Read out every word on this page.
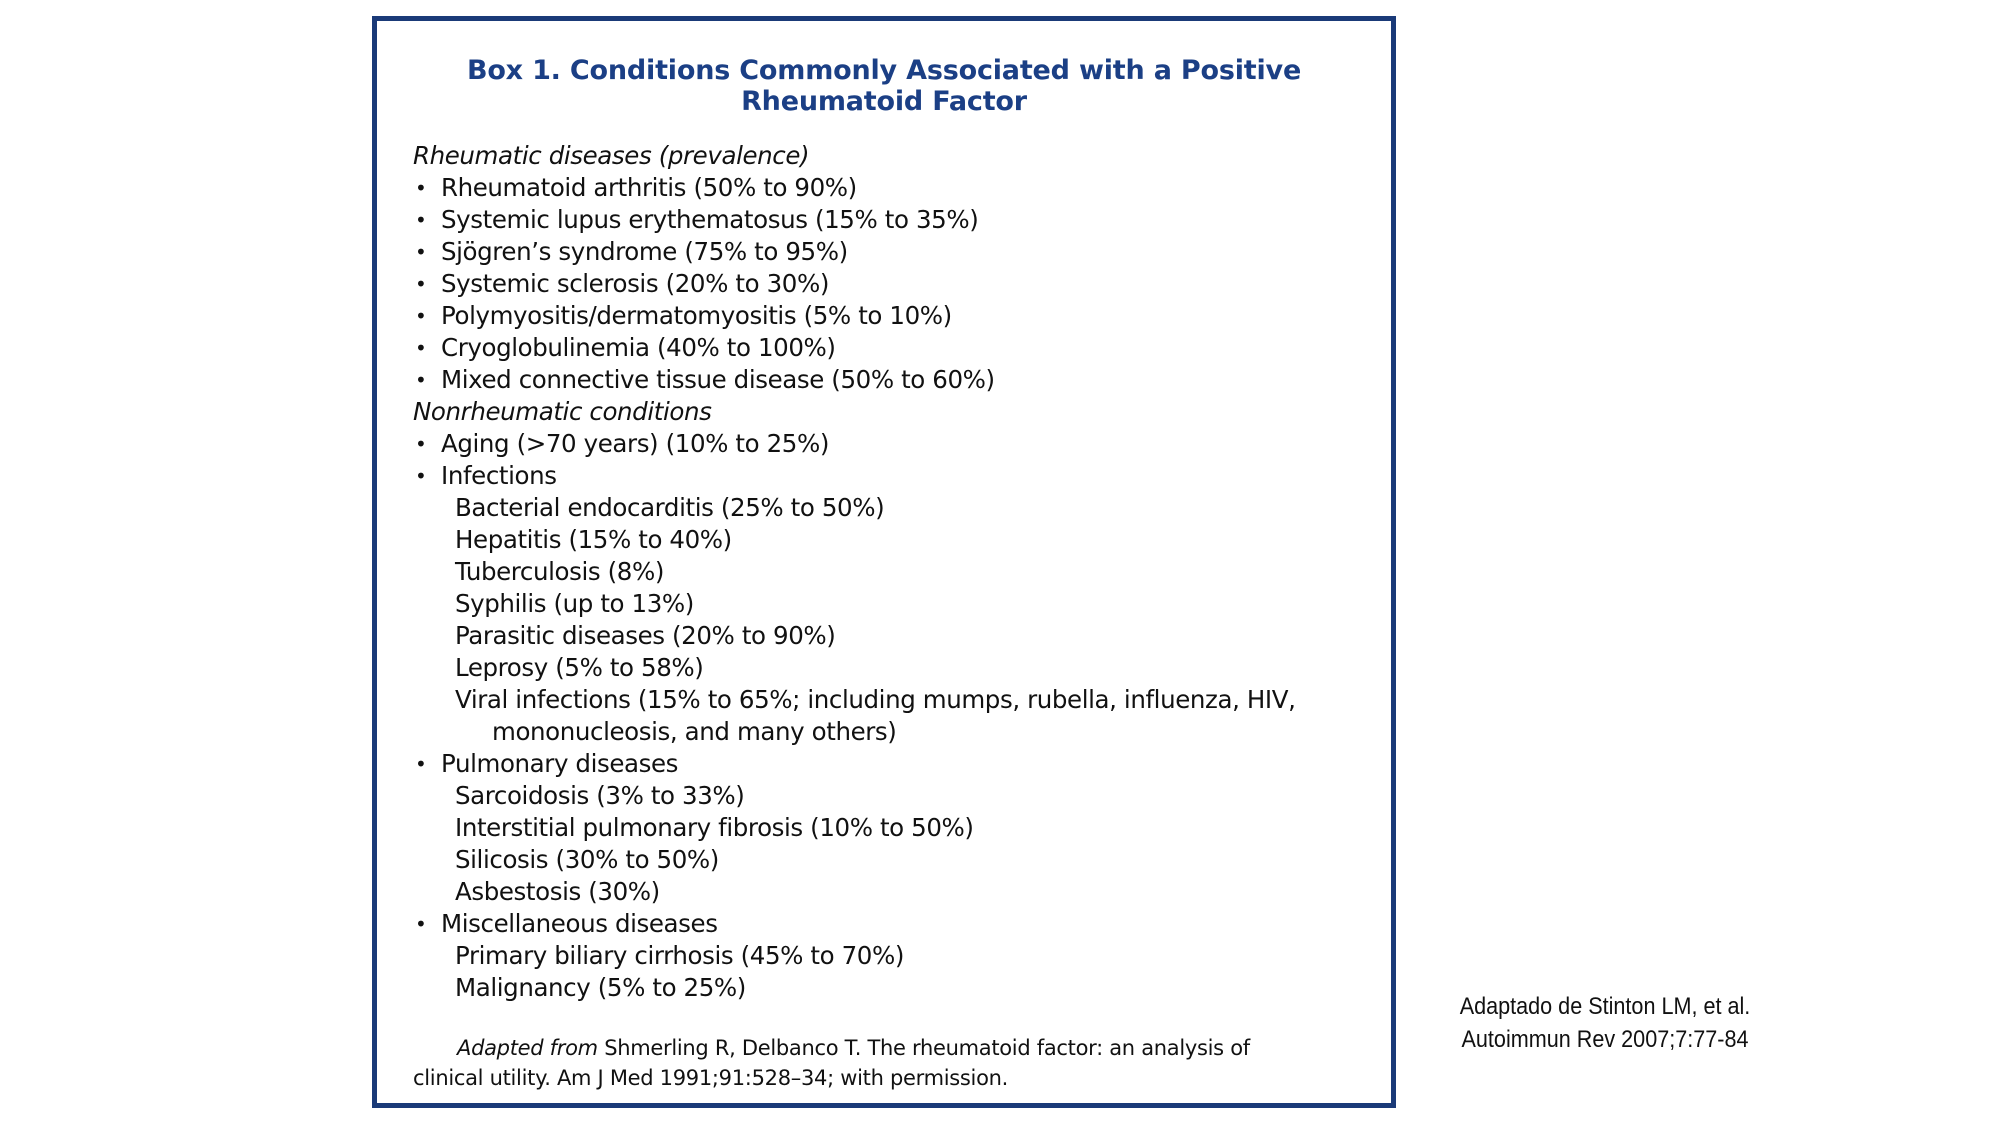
Box 1. Conditions Commonly Associated with a Positive
Rheumatoid Factor
Rheumatic diseases (prevalence)
• Rheumatoid arthritis (50% to 90%)
• Systemic lupus erythematosus (15% to 35%)
• Sjögren’s syndrome (75% to 95%)
• Systemic sclerosis (20% to 30%)
• Polymyositis/dermatomyositis (5% to 10%)
• Cryoglobulinemia (40% to 100%)
• Mixed connective tissue disease (50% to 60%)
Nonrheumatic conditions
• Aging (>70 years) (10% to 25%)
• Infections
Bacterial endocarditis (25% to 50%)
Hepatitis (15% to 40%)
Tuberculosis (8%)
Syphilis (up to 13%)
Parasitic diseases (20% to 90%)
Leprosy (5% to 58%)
Viral infections (15% to 65%; including mumps, rubella, influenza, HIV,
mononucleosis, and many others)
• Pulmonary diseases
Sarcoidosis (3% to 33%)
Interstitial pulmonary fibrosis (10% to 50%)
Silicosis (30% to 50%)
Asbestosis (30%)
• Miscellaneous diseases
Primary biliary cirrhosis (45% to 70%)
Malignancy (5% to 25%)
Adapted from Shmerling R, Delbanco T. The rheumatoid factor: an analysis of
clinical utility. Am J Med 1991;91:528–34; with permission.
Adaptado de Stinton LM, et al.
Autoimmun Rev 2007;7:77-84
